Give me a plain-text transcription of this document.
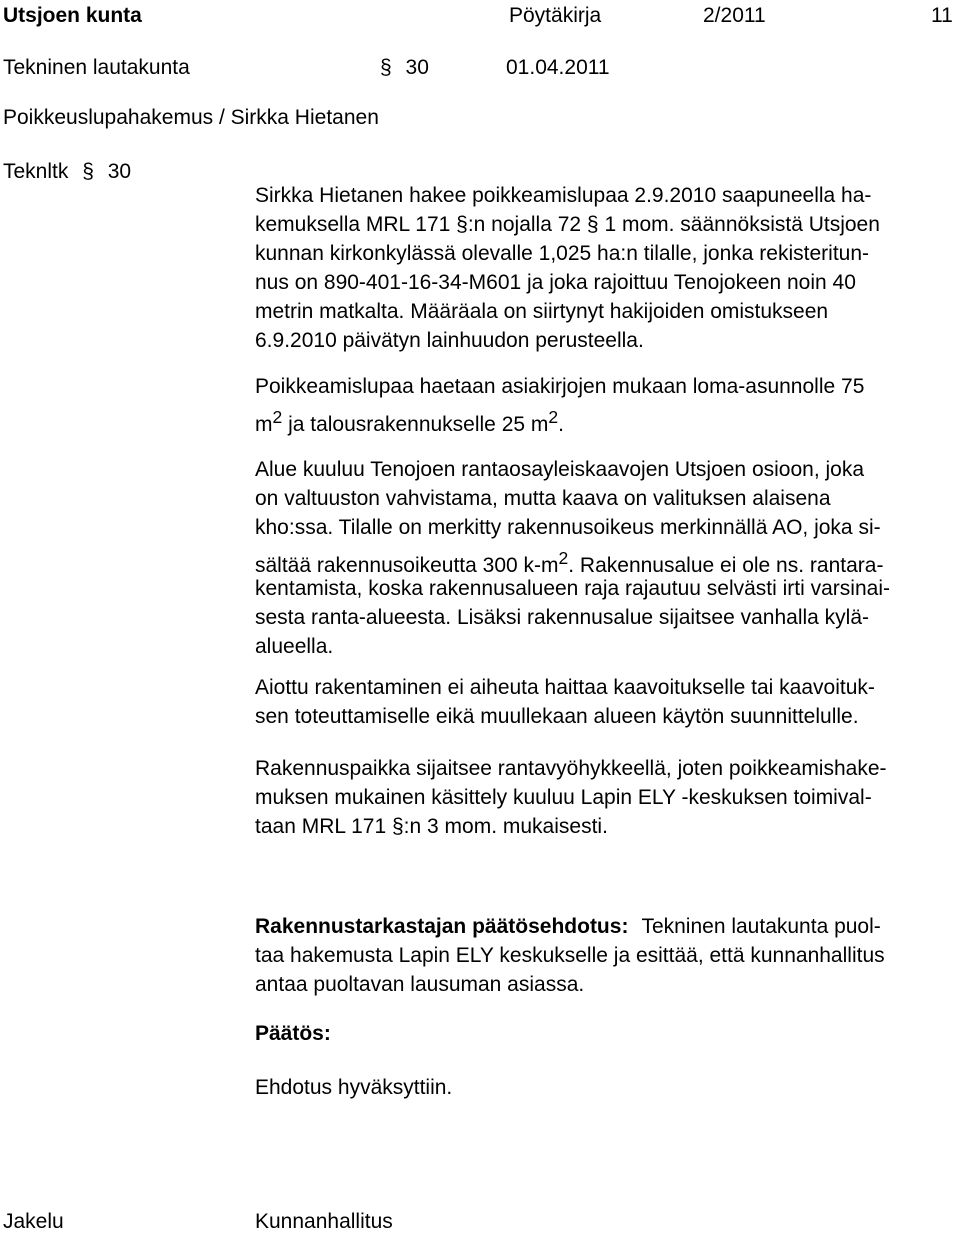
Utsjoen kunta	Pöytäkirja	2/2011	11
Tekninen lautakunta	§ 30	01.04.2011
Poikkeuslupahakemus / Sirkka Hietanen
Teknltk § 30
Sirkka Hietanen hakee poikkeamislupaa 2.9.2010 saapuneella ha-
kemuksella MRL 171 §:n nojalla 72 § 1 mom. säännöksistä Utsjoen
kunnan kirkonkylässä olevalle 1,025 ha:n tilalle, jonka rekisteritun-
nus on 890-401-16-34-M601 ja joka rajoittuu Tenojokeen noin 40
metrin matkalta. Määräala on siirtynyt hakijoiden omistukseen
6.9.2010 päivätyn lainhuudon perusteella.
Poikkeamislupaa haetaan asiakirjojen mukaan loma-asunnolle 75
$m^2$ ja talousrakennukselle 25 $m^2$.
Alue kuuluu Tenojoen rantaosayleiskaavojen Utsjoen osioon, joka
on valtuuston vahvistama, mutta kaava on valituksen alaisena
kho:ssa. Tilalle on merkitty rakennusoikeus merkinnällä AO, joka si-
sältää rakennusoikeutta 300 $k-m^2$. Rakennusalue ei ole ns. rantara-
kentamista, koska rakennusalueen raja rajautuu selvästi irti varsinai-
sesta ranta-alueesta. Lisäksi rakennusalue sijaitsee vanhalla kylä-
alueella.
Aiottu rakentaminen ei aiheuta haittaa kaavoitukselle tai kaavoituk-
sen toteuttamiselle eikä muullekaan alueen käytön suunnittelulle.
Rakennuspaikka sijaitsee rantavyöhykkeellä, joten poikkeamishake-
muksen mukainen käsittely kuuluu Lapin ELY -keskuksen toimival-
taan MRL 171 §:n 3 mom. mukaisesti.
Rakennustarkastajan päätösehdotus: Tekninen lautakunta puol-
taa hakemusta Lapin ELY keskukselle ja esittää, että kunnanhallitus
antaa puoltavan lausuman asiassa.
Päätös:
Ehdotus hyväksyttiin.
Jakelu	Kunnanhallitus
